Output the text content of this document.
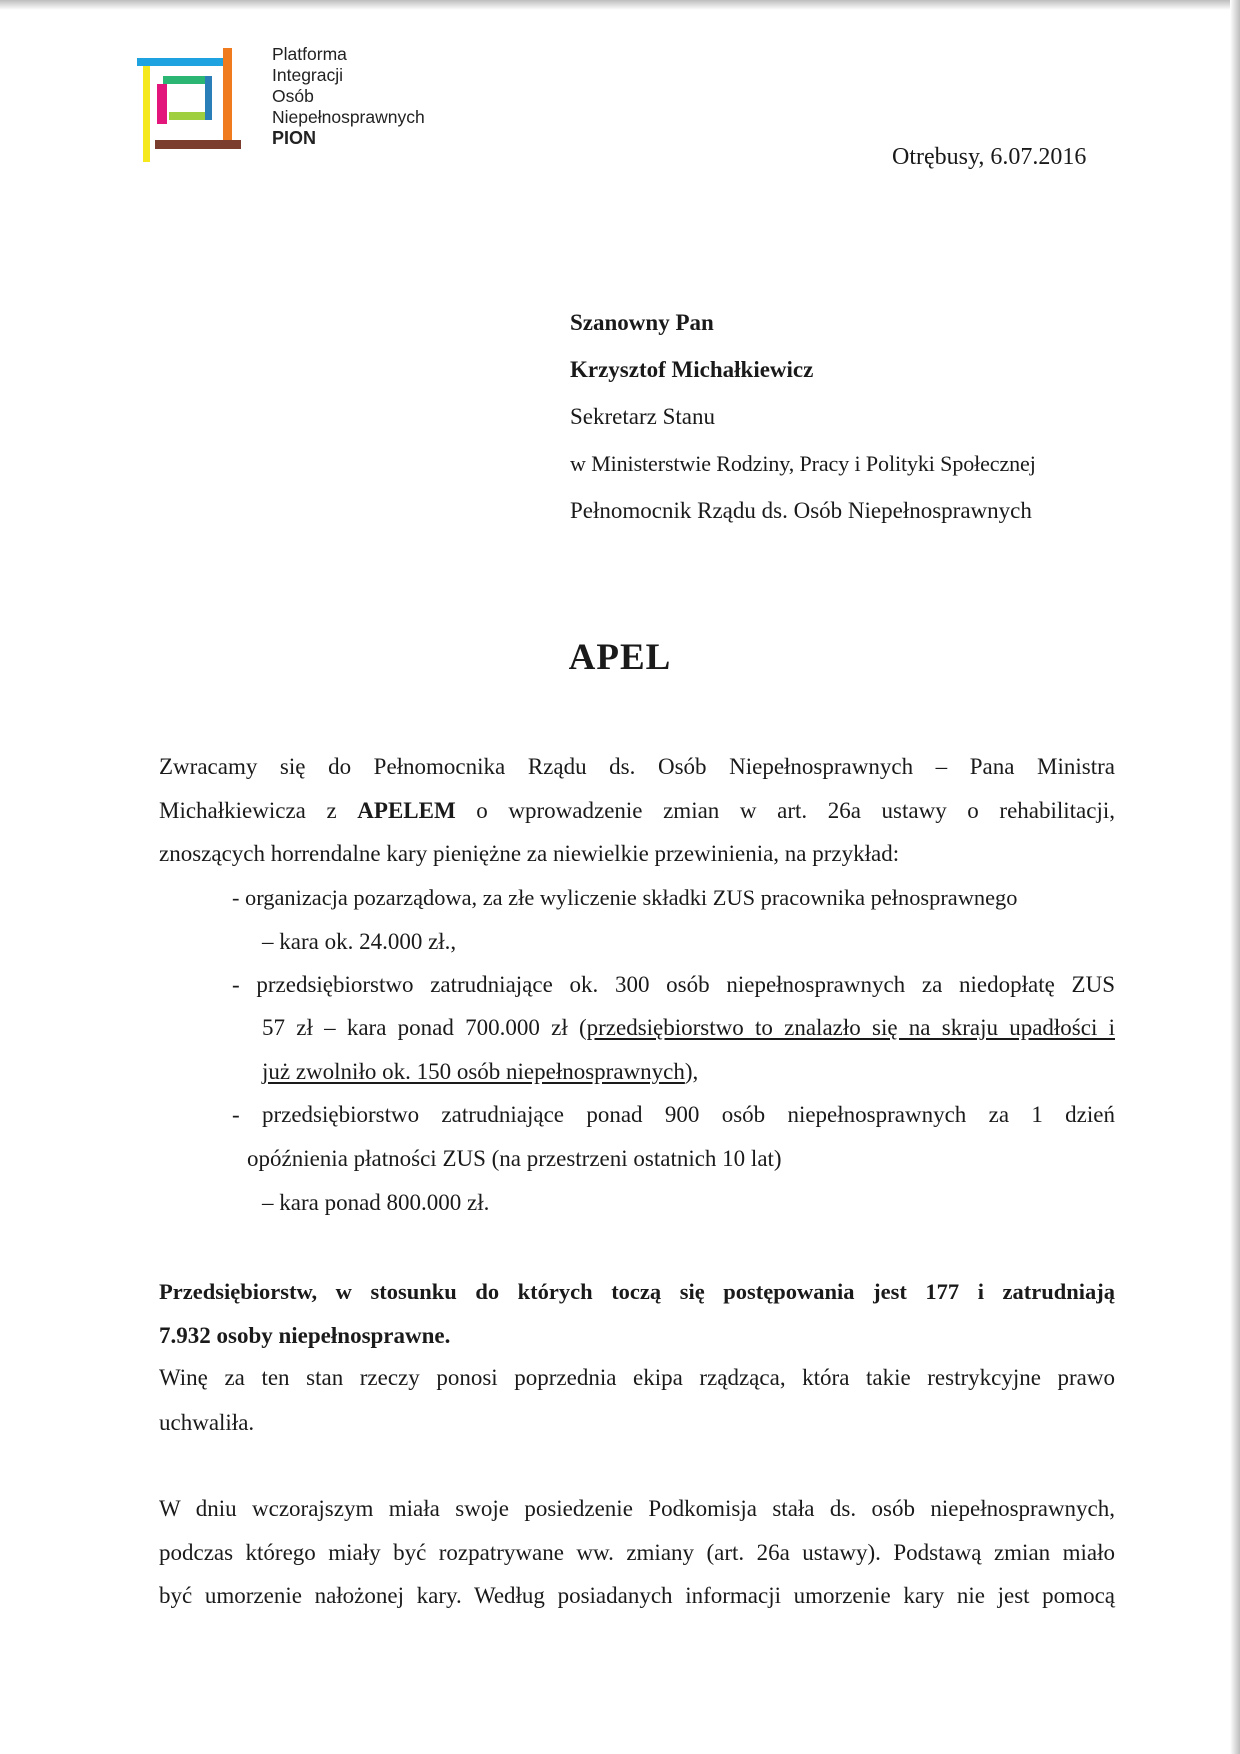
Platforma
Integracji
Osób
Niepełnosprawnych
PION
Otrębusy, 6.07.2016
Szanowny Pan
Krzysztof Michałkiewicz
Sekretarz Stanu
w Ministerstwie Rodziny, Pracy i Polityki Społecznej
Pełnomocnik Rządu ds. Osób Niepełnosprawnych
APEL
Zwracamy się do Pełnomocnika Rządu ds. Osób Niepełnosprawnych – Pana Ministra
Michałkiewicza z APELEM o wprowadzenie zmian w art. 26a ustawy o rehabilitacji,
znoszących horrendalne kary pieniężne za niewielkie przewinienia, na przykład:
- organizacja pozarządowa, za złe wyliczenie składki ZUS pracownika pełnosprawnego
– kara ok. 24.000 zł.,
- przedsiębiorstwo zatrudniające ok. 300 osób niepełnosprawnych za niedopłatę ZUS
57 zł – kara ponad 700.000 zł (przedsiębiorstwo to znalazło się na skraju upadłości i
już zwolniło ok. 150 osób niepełnosprawnych),
- przedsiębiorstwo zatrudniające ponad 900 osób niepełnosprawnych za 1 dzień
opóźnienia płatności ZUS (na przestrzeni ostatnich 10 lat)
– kara ponad 800.000 zł.
Przedsiębiorstw, w stosunku do których toczą się postępowania jest 177 i zatrudniają
7.932 osoby niepełnosprawne.
Winę za ten stan rzeczy ponosi poprzednia ekipa rządząca, która takie restrykcyjne prawo
uchwaliła.
W dniu wczorajszym miała swoje posiedzenie Podkomisja stała ds. osób niepełnosprawnych,
podczas którego miały być rozpatrywane ww. zmiany (art. 26a ustawy). Podstawą zmian miało
być umorzenie nałożonej kary. Według posiadanych informacji umorzenie kary nie jest pomocą
